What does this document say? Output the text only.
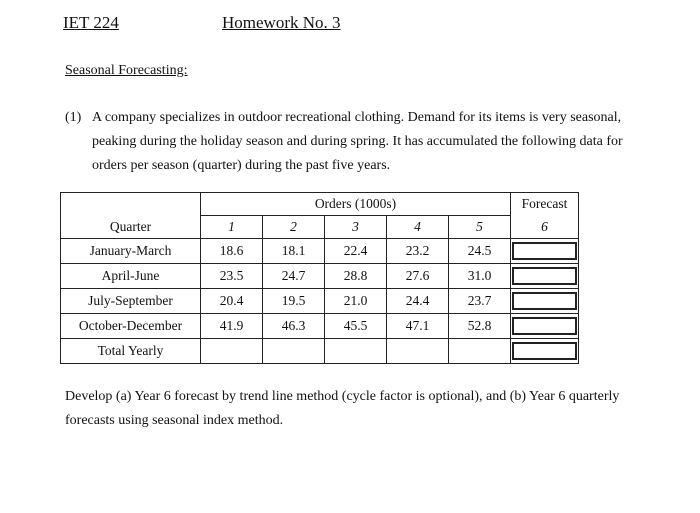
IET 224	Homework No. 3
Seasonal Forecasting:
(1) A company specializes in outdoor recreational clothing. Demand for its items is very seasonal, peaking during the holiday season and during spring. It has accumulated the following data for orders per season (quarter) during the past five years.
	Orders (1000s)					Forecast
Quarter	1	2	3	4	5	6
January-March	18.6	18.1	22.4	23.2	24.5	

April-June	23.5	24.7	28.8	27.6	31.0	

July-September	20.4	19.5	21.0	24.4	23.7	

October-December	41.9	46.3	45.5	47.1	52.8	

Total Yearly						
Develop (a) Year 6 forecast by trend line method (cycle factor is optional), and (b) Year 6 quarterly forecasts using seasonal index method.
